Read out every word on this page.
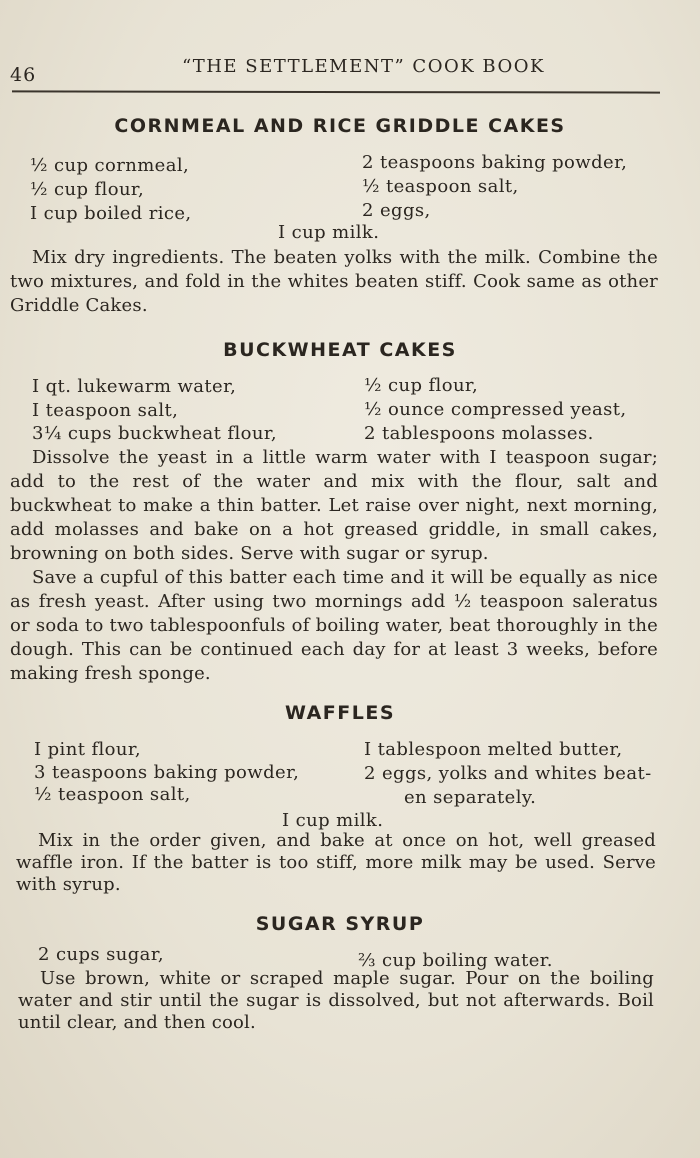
46	“THE SETTLEMENT” COOK BOOK
CORNMEAL AND RICE GRIDDLE CAKES
½ cup cornmeal,
½ cup flour,
I cup boiled rice,
2 teaspoons baking powder,
½ teaspoon salt,
2 eggs,
I cup milk.

Mix dry ingredients. The beaten yolks with the milk. Combine the two mixtures, and fold in the whites beaten stiff. Cook same as other Griddle Cakes.

BUCKWHEAT CAKES
I qt. lukewarm water,
I teaspoon salt,
3¼ cups buckwheat flour,
½ cup flour,
½ ounce compressed yeast,
2 tablespoons molasses.

Dissolve the yeast in a little warm water with I teaspoon sugar; add to the rest of the water and mix with the flour, salt and buckwheat to make a thin batter. Let raise over night, next morning, add molasses and bake on a hot greased griddle, in small cakes, browning on both sides. Serve with sugar or syrup.

Save a cupful of this batter each time and it will be equally as nice as fresh yeast. After using two mornings add ½ teaspoon saleratus or soda to two tablespoonfuls of boiling water, beat thoroughly in the dough. This can be continued each day for at least 3 weeks, before making fresh sponge.

WAFFLES
I pint flour,
3 teaspoons baking powder,
½ teaspoon salt,
I tablespoon melted butter,
2 eggs, yolks and whites beat-
en separately.
I cup milk.

Mix in the order given, and bake at once on hot, well greased waffle iron. If the batter is too stiff, more milk may be used. Serve with syrup.

SUGAR SYRUP
2 cups sugar,	⅔ cup boiling water.

Use brown, white or scraped maple sugar. Pour on the boiling water and stir until the sugar is dissolved, but not afterwards. Boil until clear, and then cool.
